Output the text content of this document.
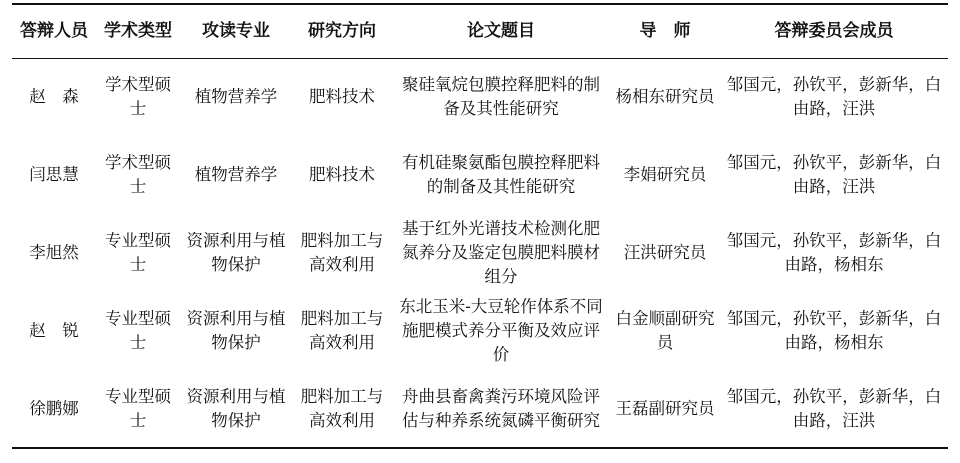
答辩人员	学术类型	攻读专业	研究方向	论文题目	导　师	答辩委员会成员
赵　森	学术型硕士	植物营养学	肥料技术	聚硅氧烷包膜控释肥料的制备及其性能研究	杨相东研究员	邹国元，孙钦平，彭新华，白由路，汪洪
闫思慧	学术型硕士	植物营养学	肥料技术	有机硅聚氨酯包膜控释肥料的制备及其性能研究	李娟研究员	邹国元，孙钦平，彭新华，白由路，汪洪
李旭然	专业型硕士	资源利用与植物保护	肥料加工与高效利用	基于红外光谱技术检测化肥氮养分及鉴定包膜肥料膜材组分	汪洪研究员	邹国元，孙钦平，彭新华，白由路，杨相东
赵　锐	专业型硕士	资源利用与植物保护	肥料加工与高效利用	东北玉米-大豆轮作体系不同施肥模式养分平衡及效应评价	白金顺副研究员	邹国元，孙钦平，彭新华，白由路，杨相东
徐鹏娜	专业型硕士	资源利用与植物保护	肥料加工与高效利用	舟曲县畜禽粪污环境风险评估与种养系统氮磷平衡研究	王磊副研究员	邹国元，孙钦平，彭新华，白由路，汪洪
